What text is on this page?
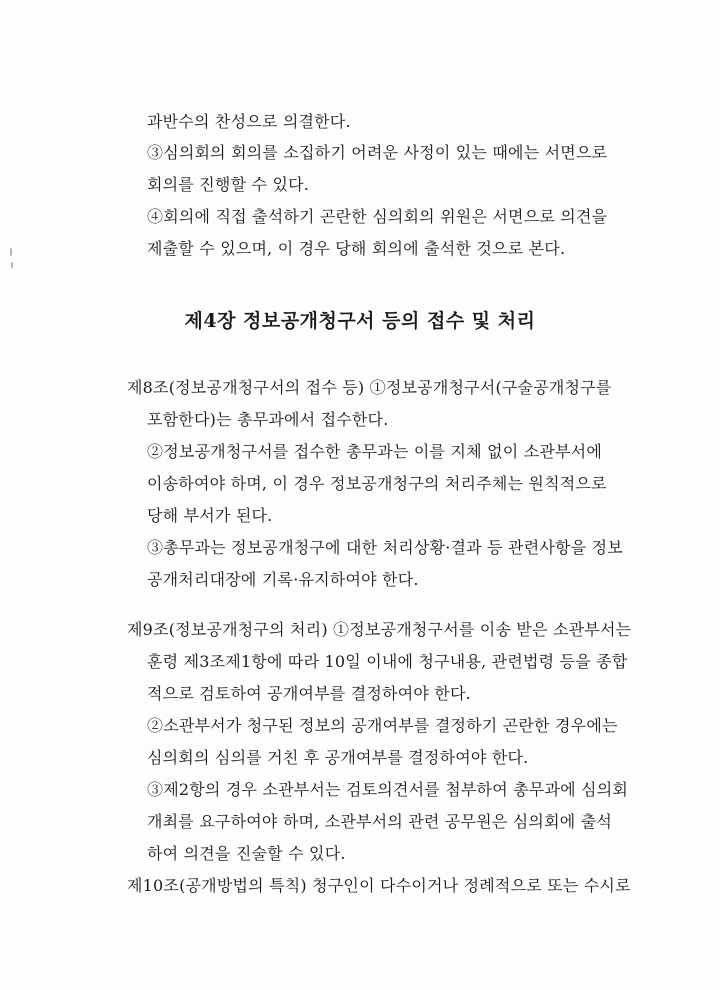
과반수의 찬성으로 의결한다.
③심의회의 회의를 소집하기 어려운 사정이 있는 때에는 서면으로
회의를 진행할 수 있다.
④회의에 직접 출석하기 곤란한 심의회의 위원은 서면으로 의견을
제출할 수 있으며, 이 경우 당해 회의에 출석한 것으로 본다.
제4장 정보공개청구서 등의 접수 및 처리
제8조(정보공개청구서의 접수 등) ①정보공개청구서(구술공개청구를
포함한다)는 총무과에서 접수한다.
②정보공개청구서를 접수한 총무과는 이를 지체 없이 소관부서에
이송하여야 하며, 이 경우 정보공개청구의 처리주체는 원칙적으로
당해 부서가 된다.
③총무과는 정보공개청구에 대한 처리상황·결과 등 관련사항을 정보
공개처리대장에 기록·유지하여야 한다.
제9조(정보공개청구의 처리) ①정보공개청구서를 이송 받은 소관부서는
훈령 제3조제1항에 따라 10일 이내에 청구내용, 관련법령 등을 종합
적으로 검토하여 공개여부를 결정하여야 한다.
②소관부서가 청구된 정보의 공개여부를 결정하기 곤란한 경우에는
심의회의 심의를 거친 후 공개여부를 결정하여야 한다.
③제2항의 경우 소관부서는 검토의견서를 첨부하여 총무과에 심의회
개최를 요구하여야 하며, 소관부서의 관련 공무원은 심의회에 출석
하여 의견을 진술할 수 있다.
제10조(공개방법의 특칙) 청구인이 다수이거나 정례적으로 또는 수시로
